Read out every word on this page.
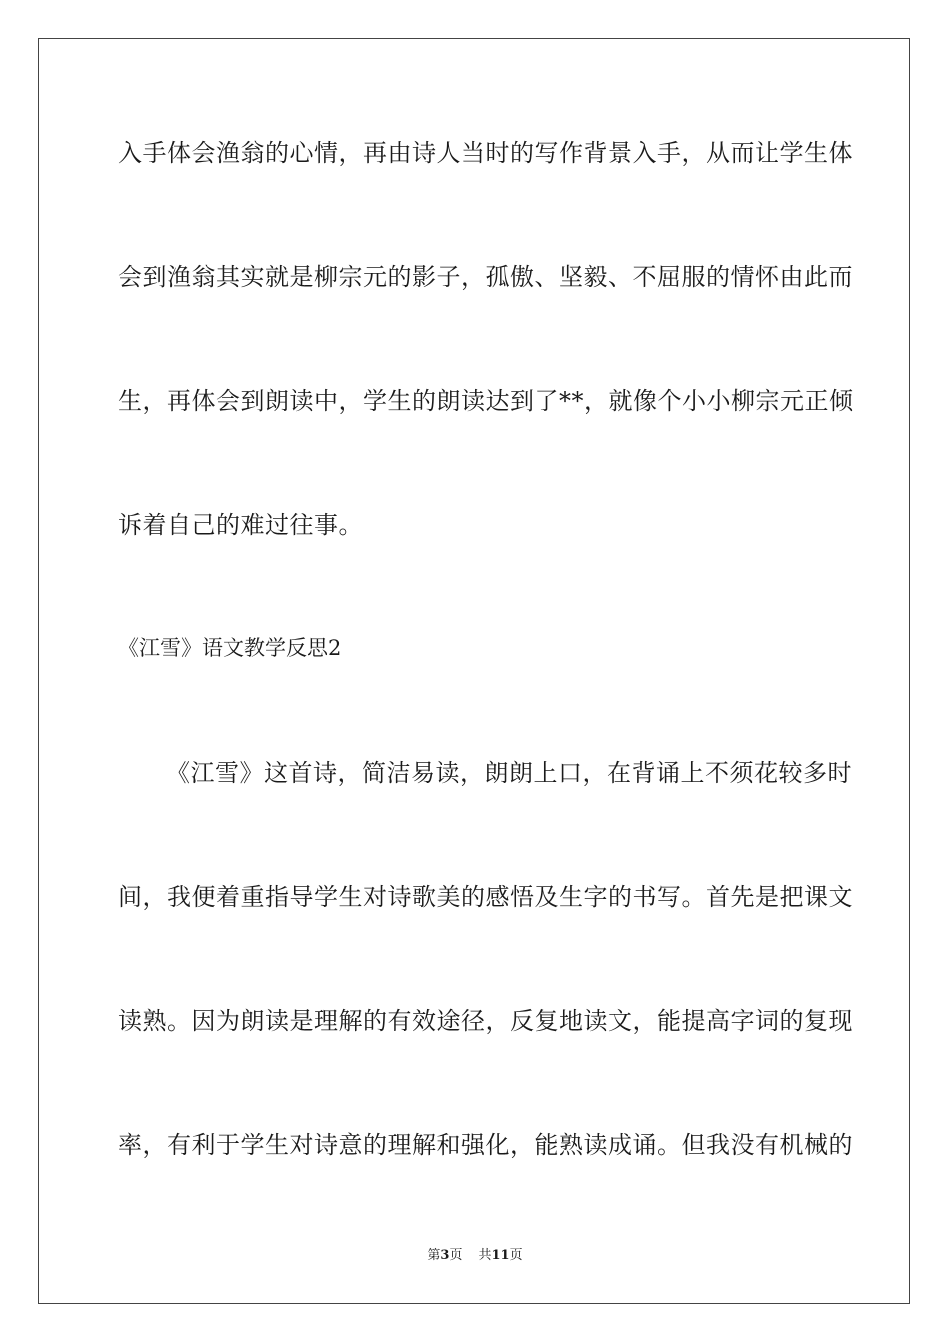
入手体会渔翁的心情，再由诗人当时的写作背景入手，从而让学生体
会到渔翁其实就是柳宗元的影子，孤傲、坚毅、不屈服的情怀由此而
生，再体会到朗读中，学生的朗读达到了**，就像个小小柳宗元正倾
诉着自己的难过往事。
《江雪》语文教学反思2
《江雪》这首诗，简洁易读，朗朗上口，在背诵上不须花较多时
间，我便着重指导学生对诗歌美的感悟及生字的书写。首先是把课文
读熟。因为朗读是理解的有效途径，反复地读文，能提高字词的复现
率，有利于学生对诗意的理解和强化，能熟读成诵。但我没有机械的
第3页 共11页
